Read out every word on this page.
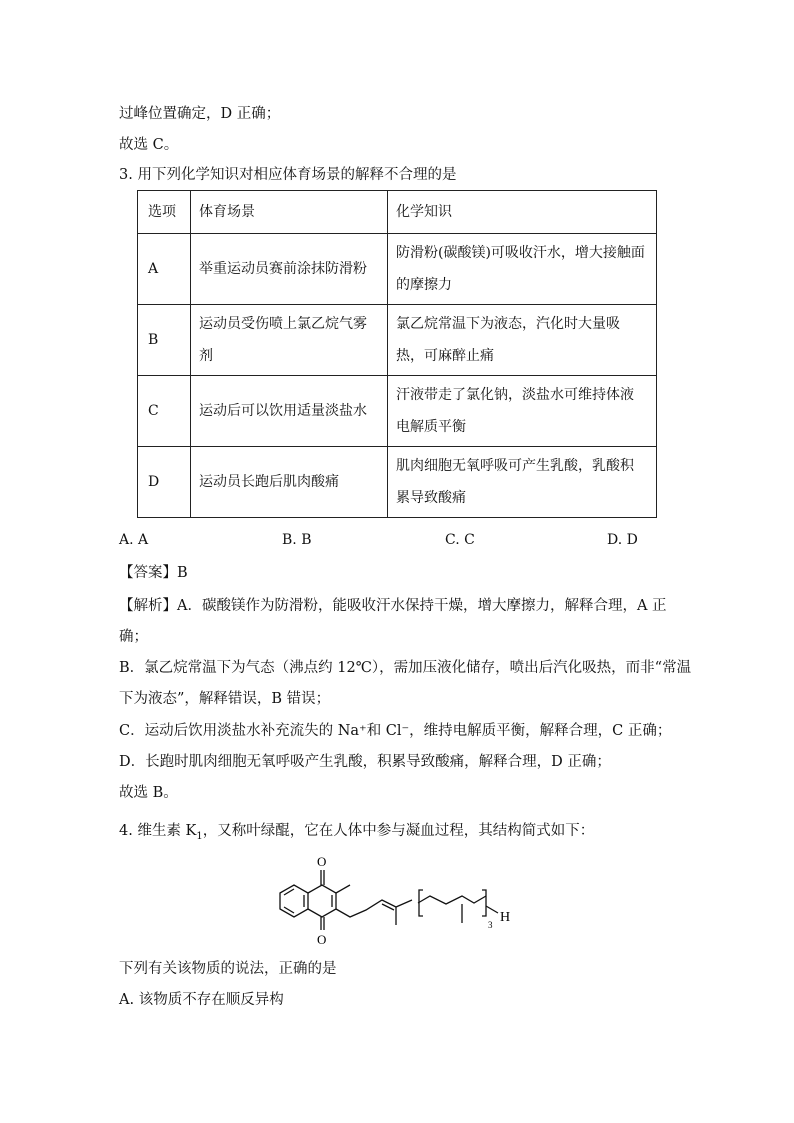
过峰位置确定，D 正确；
故选 C。
3. 用下列化学知识对相应体育场景的解释不合理的是
选项	体育场景	化学知识
A	举重运动员赛前涂抹防滑粉	防滑粉(碳酸镁)可吸收汗水，增大接触面
的摩擦力

B	运动员受伤喷上氯乙烷气雾剂	氯乙烷常温下为液态，汽化时大量吸
热，可麻醉止痛

C	运动后可以饮用适量淡盐水	汗液带走了氯化钠，淡盐水可维持体液
电解质平衡

D	运动员长跑后肌肉酸痛	肌肉细胞无氧呼吸可产生乳酸，乳酸积
累导致酸痛
A. A	B. B	C. C	D. D
【答案】B
【解析】A．碳酸镁作为防滑粉，能吸收汗水保持干燥，增大摩擦力，解释合理，A 正
确；
B．氯乙烷常温下为气态（沸点约 12℃），需加压液化储存，喷出后汽化吸热，而非“常温
下为液态”，解释错误，B 错误；
C．运动后饮用淡盐水补充流失的 Na⁺和 Cl⁻，维持电解质平衡，解释合理，C 正确；
D．长跑时肌肉细胞无氧呼吸产生乳酸，积累导致酸痛，解释合理，D 正确；
故选 B。
4. 维生素 $K_1$，又称叶绿醌，它在人体中参与凝血过程，其结构简式如下：
O
O
3 H
下列有关该物质的说法，正确的是
A. 该物质不存在顺反异构
